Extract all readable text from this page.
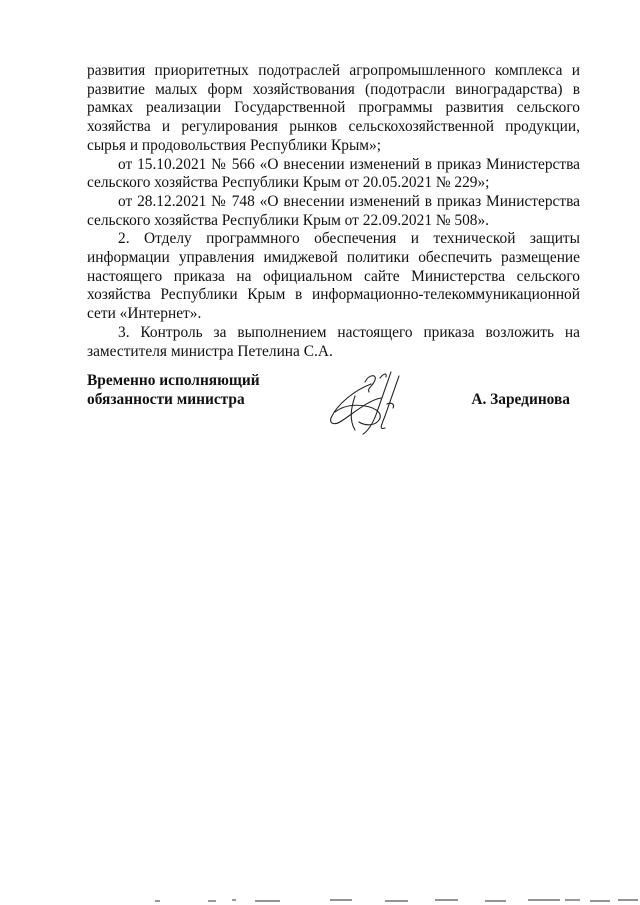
развития приоритетных подотраслей агропромышленного комплекса и развитие малых форм хозяйствования (подотрасли виноградарства) в рамках реализации Государственной программы развития сельского хозяйства и регулирования рынков сельскохозяйственной продукции, сырья и продовольствия Республики Крым»;

от 15.10.2021 № 566 «О внесении изменений в приказ Министерства сельского хозяйства Республики Крым от 20.05.2021 № 229»;

от 28.12.2021 № 748 «О внесении изменений в приказ Министерства сельского хозяйства Республики Крым от 22.09.2021 № 508».

2. Отделу программного обеспечения и технической защиты информации управления имиджевой политики обеспечить размещение настоящего приказа на официальном сайте Министерства сельского хозяйства Республики Крым в информационно-телекоммуникационной сети «Интернет».

3. Контроль за выполнением настоящего приказа возложить на заместителя министра Петелина С.А.

Временно исполняющий
обязанности министра	А. Зарединова
